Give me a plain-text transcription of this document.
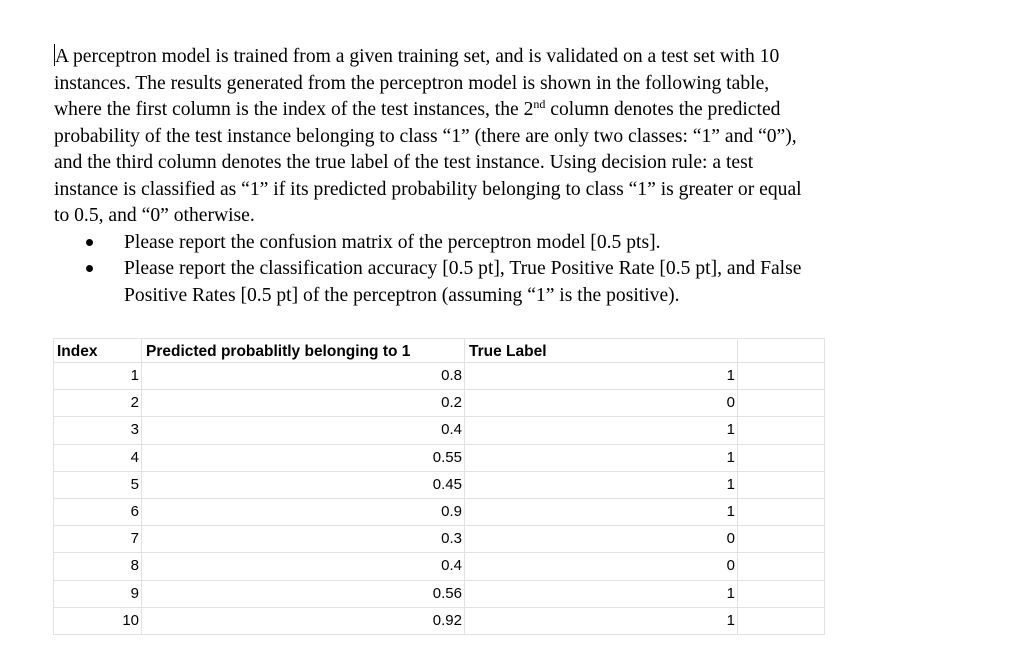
A perceptron model is trained from a given training set, and is validated on a test set with 10
instances. The results generated from the perceptron model is shown in the following table,
where the first column is the index of the test instances, the 2nd column denotes the predicted
probability of the test instance belonging to class “1” (there are only two classes: “1” and “0”),
and the third column denotes the true label of the test instance. Using decision rule: a test
instance is classified as “1” if its predicted probability belonging to class “1” is greater or equal
to 0.5, and “0” otherwise.

Please report the confusion matrix of the perceptron model [0.5 pts].
Please report the classification accuracy [0.5 pt], True Positive Rate [0.5 pt], and False
Positive Rates [0.5 pt] of the perceptron (assuming “1” is the positive).
Index	Predicted probablitly belonging to 1	True Label
1	0.8	1
2	0.2	0
3	0.4	1
4	0.55	1
5	0.45	1
6	0.9	1
7	0.3	0
8	0.4	0
9	0.56	1
10	0.92	1
